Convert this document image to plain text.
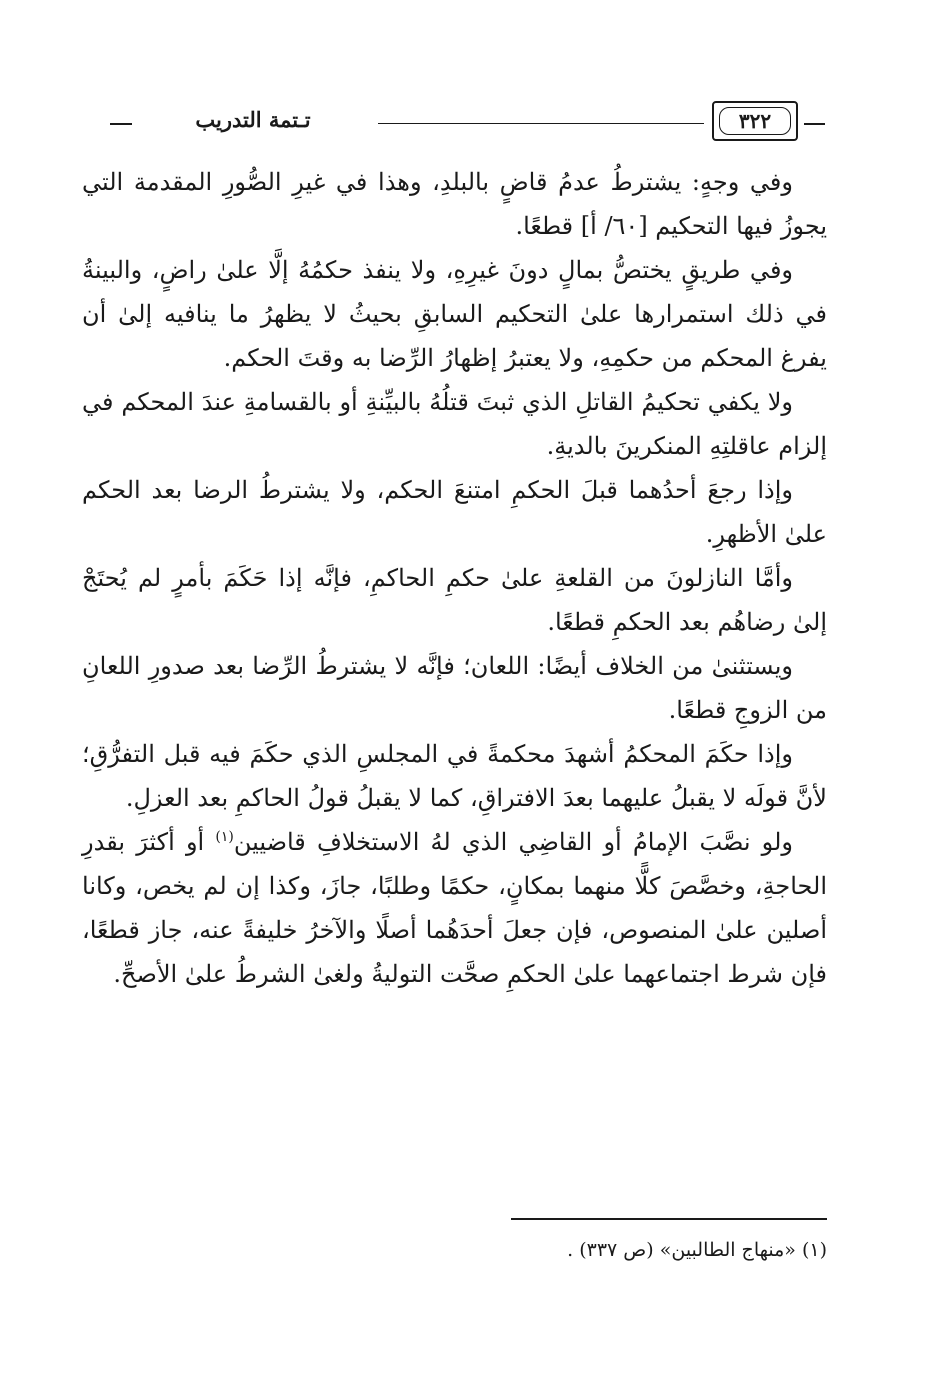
تـتمة التدريب	٣٢٢

وفي وجهٍ: يشترطُ عدمُ قاضٍ بالبلدِ، وهذا في غيرِ الصُّورِ المقدمة التي يجوزُ فيها التحكيم [٦٠/ أ] قطعًا.

وفي طريقٍ يختصُّ بمالٍ دونَ غيرِهِ، ولا ينفذ حكمُهُ إلَّا علىٰ راضٍ، والبينةُ في ذلك استمرارها علىٰ التحكيم السابقِ بحيثُ لا يظهرُ ما ينافيه إلىٰ أن يفرغ المحكم من حكمِهِ، ولا يعتبرُ إظهارُ الرِّضا به وقتَ الحكم.

ولا يكفي تحكيمُ القاتلِ الذي ثبتَ قتلُهُ بالبيِّنةِ أو بالقسامةِ عندَ المحكم في إلزام عاقلتِهِ المنكرينَ بالديةِ.

وإذا رجعَ أحدُهما قبلَ الحكمِ امتنعَ الحكم، ولا يشترطُ الرضا بعد الحكم علىٰ الأظهرِ.

وأمَّا النازلونَ من القلعةِ علىٰ حكمِ الحاكمِ، فإنَّه إذا حَكَمَ بأمرٍ لم يُحتَجْ إلىٰ رضاهُم بعد الحكمِ قطعًا.

ويستثنىٰ من الخلاف أيضًا: اللعان؛ فإنَّه لا يشترطُ الرِّضا بعد صدورِ اللعانِ من الزوجِ قطعًا.

وإذا حكَمَ المحكمُ أشهدَ محكمةً في المجلسِ الذي حكَمَ فيه قبل التفرُّقِ؛ لأنَّ قولَه لا يقبلُ عليهما بعدَ الافتراقِ، كما لا يقبلُ قولُ الحاكمِ بعد العزلِ.

ولو نصَّبَ الإمامُ أو القاضِي الذي لهُ الاستخلافِ قاضيين$^{(١)}$ أو أكثرَ بقدرِ الحاجةِ، وخصَّصَ كلًّا منهما بمكانٍ، حكمًا وطلبًا، جازَ، وكذا إن لم يخص، وكانا أصلين علىٰ المنصوص، فإن جعلَ أحدَهُما أصلًا والآخرُ خليفةً عنه، جاز قطعًا، فإن شرط اجتماعهما علىٰ الحكمِ صحَّت التوليةُ ولغىٰ الشرطُ علىٰ الأصحِّ.

(١) «منهاج الطالبين» (ص ٣٣٧) .
